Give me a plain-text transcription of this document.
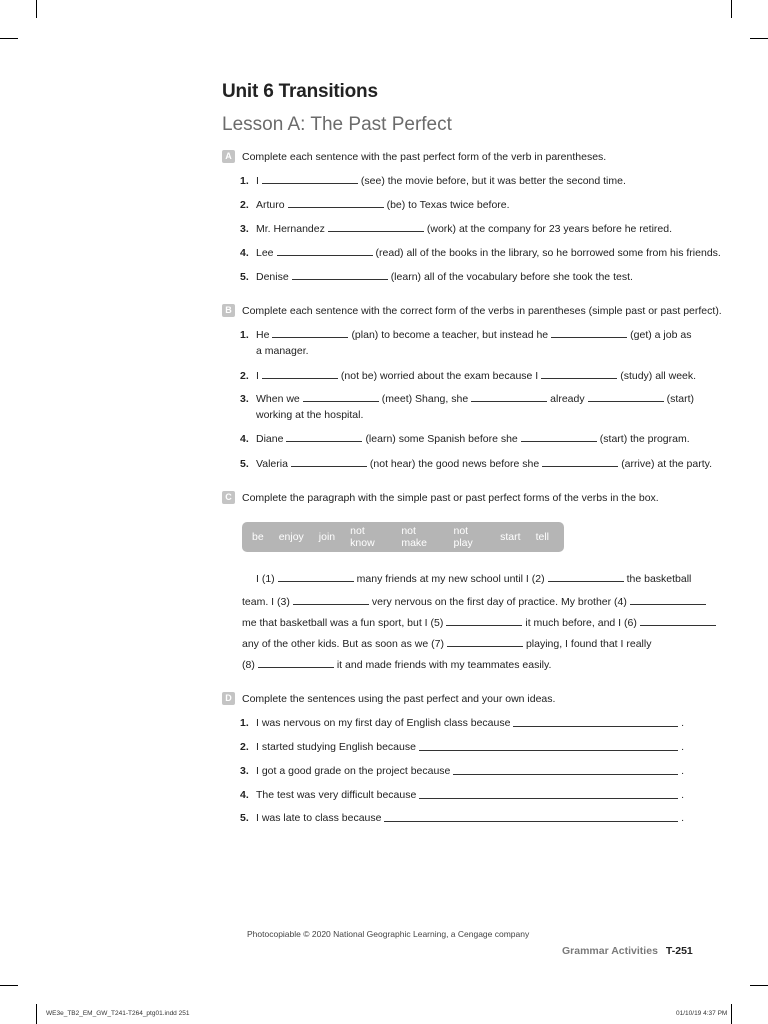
Unit 6 Transitions
Lesson A: The Past Perfect
A Complete each sentence with the past perfect form of the verb in parentheses.
1. I	(see) the movie before, but it was better the second time.
2. Arturo	(be) to Texas twice before.
3. Mr. Hernandez	(work) at the company for 23 years before he retired.
4. Lee	(read) all of the books in the library, so he borrowed some from his friends.
5. Denise	(learn) all of the vocabulary before she took the test.
B Complete each sentence with the correct form of the verbs in parentheses (simple past or past perfect).
1. He	(plan) to become a teacher, but instead he	(get) a job as
a manager.
2. I	(not be) worried about the exam because I	(study) all week.
3. When we	(meet) Shang, she	already	(start)
working at the hospital.
4. Diane	(learn) some Spanish before she	(start) the program.
5. Valeria	(not hear) the good news before she	(arrive) at the party.
C Complete the paragraph with the simple past or past perfect forms of the verbs in the box.
be enjoy join not know
not make
not play	start tell
I (1)	many friends at my new school until I (2)	the basketball
team. I (3)	very nervous on the first day of practice. My brother (4)
me that basketball was a fun sport, but I (5)	it much before, and I (6)
any of the other kids. But as soon as we (7)	playing, I found that I really
(8)	it and made friends with my teammates easily.
D Complete the sentences using the past perfect and your own ideas.
1. I was nervous on my first day of English class because	.
2. I started studying English because	.
3. I got a good grade on the project because	.
4. The test was very difficult because	.
5. I was late to class because	.
Photocopiable © 2020 National Geographic Learning, a Cengage company
Grammar Activities T-251
WE3e_TB2_EM_GW_T241-T264_ptg01.indd 251	01/10/19 4:37 PM
